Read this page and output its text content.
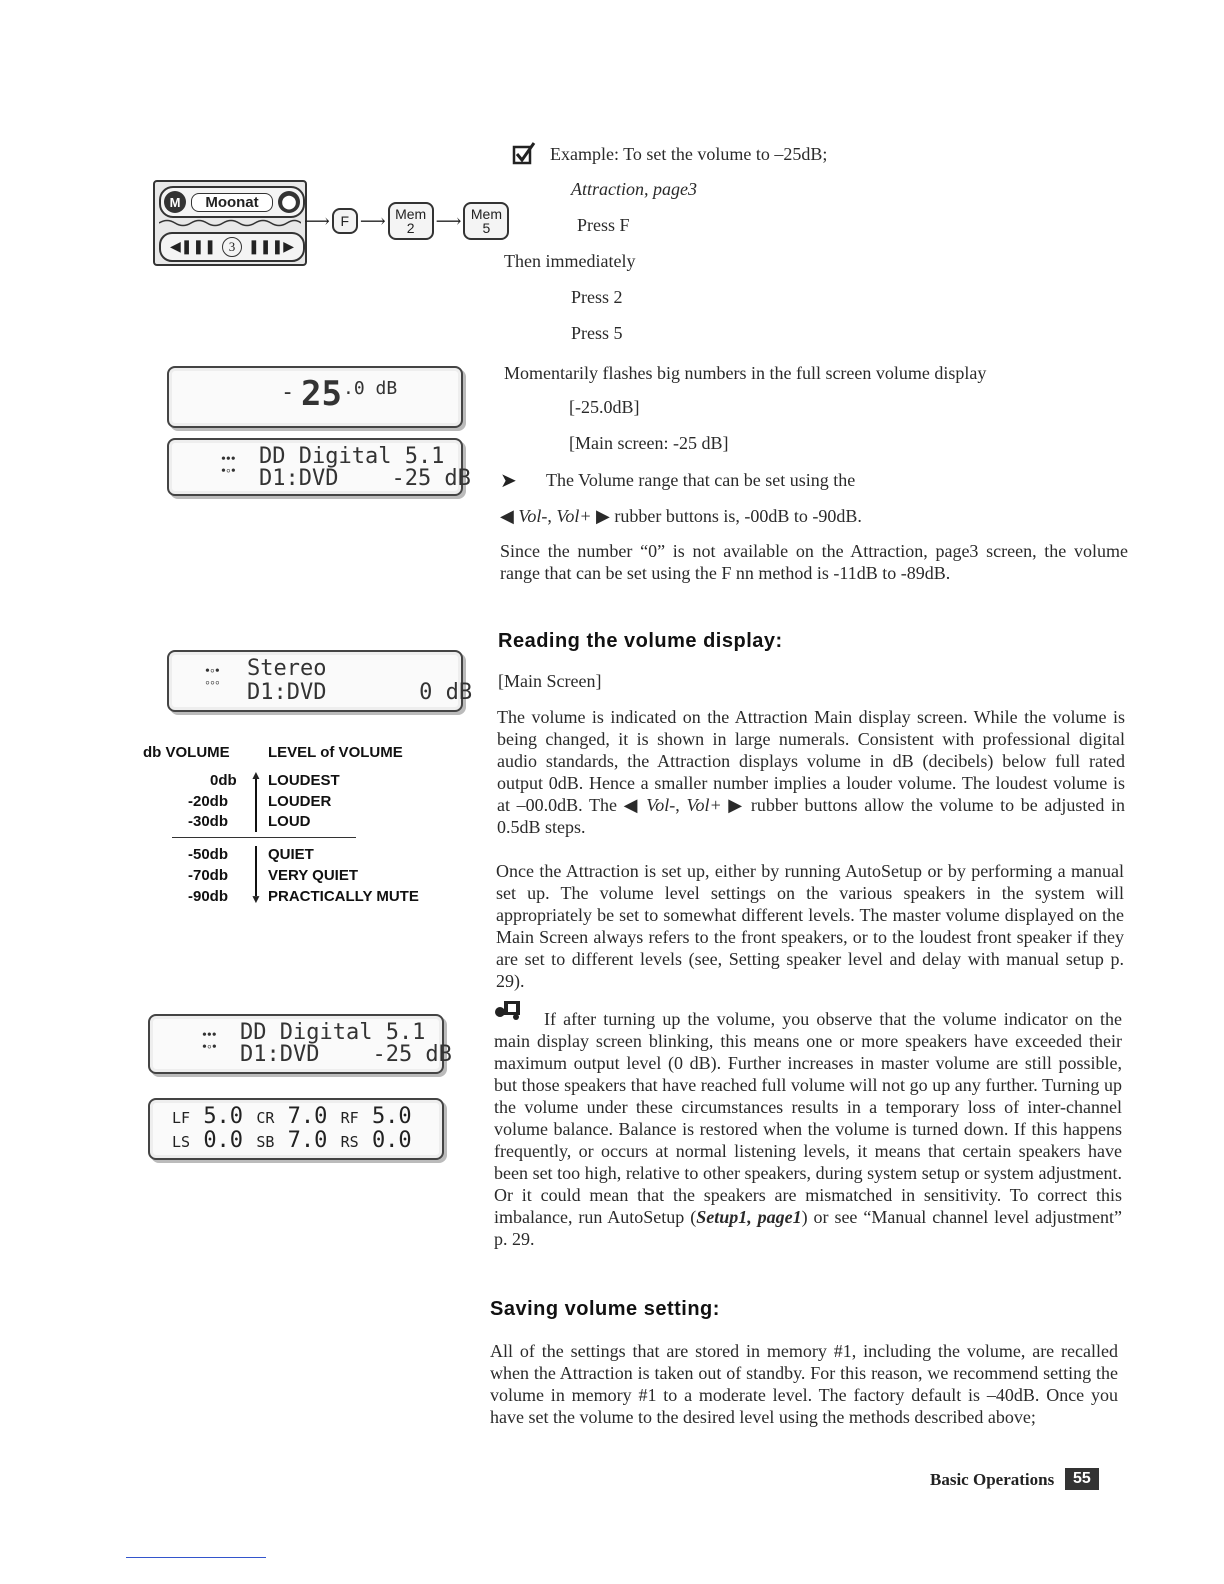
M	Moonat	⬤
◀❚❚❚ 3 ❚❚❚▶
⟶ F ⟶ Mem
2	⟶ Mem
5
Example: To set the volume to –25dB;
Attraction, page3
Press F
Then immediately
Press 2
Press 5
Momentarily flashes big numbers in the full screen volume display
[-25.0dB]
[Main screen: -25 dB]
➤ The Volume range that can be set using the
◀ Vol-, Vol+ ▶ rubber buttons is, -00dB to -90dB.
Since the number “0” is not available on the Attraction, page3 screen, the volume range that can be set using the F nn method is -11dB to -89dB.
- 25 .0 dB
•••
•◦•
DD Digital 5.1
D1:DVD    -25 dB
•◦•
◦◦◦
Stereo
D1:DVD       0 dB
db VOLUME	LEVEL of VOLUME
0db LOUDEST
-20db	LOUDER
-30db	LOUD
-50db	QUIET
-70db	VERY QUIET
-90db	PRACTICALLY MUTE
▲
▼
•••
•◦•
DD Digital 5.1
D1:DVD    -25 dB
LF 5.0 CR 7.0 RF 5.0
LS 0.0 SB 7.0 RS 0.0
Reading the volume display:
[Main Screen]
The volume is indicated on the Attraction Main display screen. While the volume is being changed, it is shown in large numerals. Consistent with professional digital audio standards, the Attraction displays volume in dB (decibels) below full rated output 0dB. Hence a smaller number implies a louder volume. The loudest volume is at –00.0dB. The ◀ Vol-, Vol+ ▶ rubber buttons allow the volume to be adjusted in 0.5dB steps.
Once the Attraction is set up, either by running AutoSetup or by performing a manual set up. The volume level settings on the various speakers in the system will appropriately be set to somewhat different levels. The master volume displayed on the Main Screen always refers to the front speakers, or to the loudest front speaker if they are set to different levels (see, Setting speaker level and delay with manual setup p. 29).
If after turning up the volume, you observe that the volume indicator on the main display screen blinking, this means one or more speakers have exceeded their maximum output level (0 dB). Further increases in master volume are still possible, but those speakers that have reached full volume will not go up any further. Turning up the volume under these circumstances results in a temporary loss of inter-channel volume balance. Balance is restored when the volume is turned down. If this happens frequently, or occurs at normal listening levels, it means that certain speakers have been set too high, relative to other speakers, during system setup or system adjustment. Or it could mean that the speakers are mismatched in sensitivity. To correct this imbalance, run AutoSetup (Setup1, page1) or see “Manual channel level adjustment” p. 29.
Saving volume setting:
All of the settings that are stored in memory #1, including the volume, are recalled when the Attraction is taken out of standby. For this reason, we recommend setting the volume in memory #1 to a moderate level. The factory default is –40dB. Once you have set the volume to the desired level using the methods described above;
Basic Operations	55
